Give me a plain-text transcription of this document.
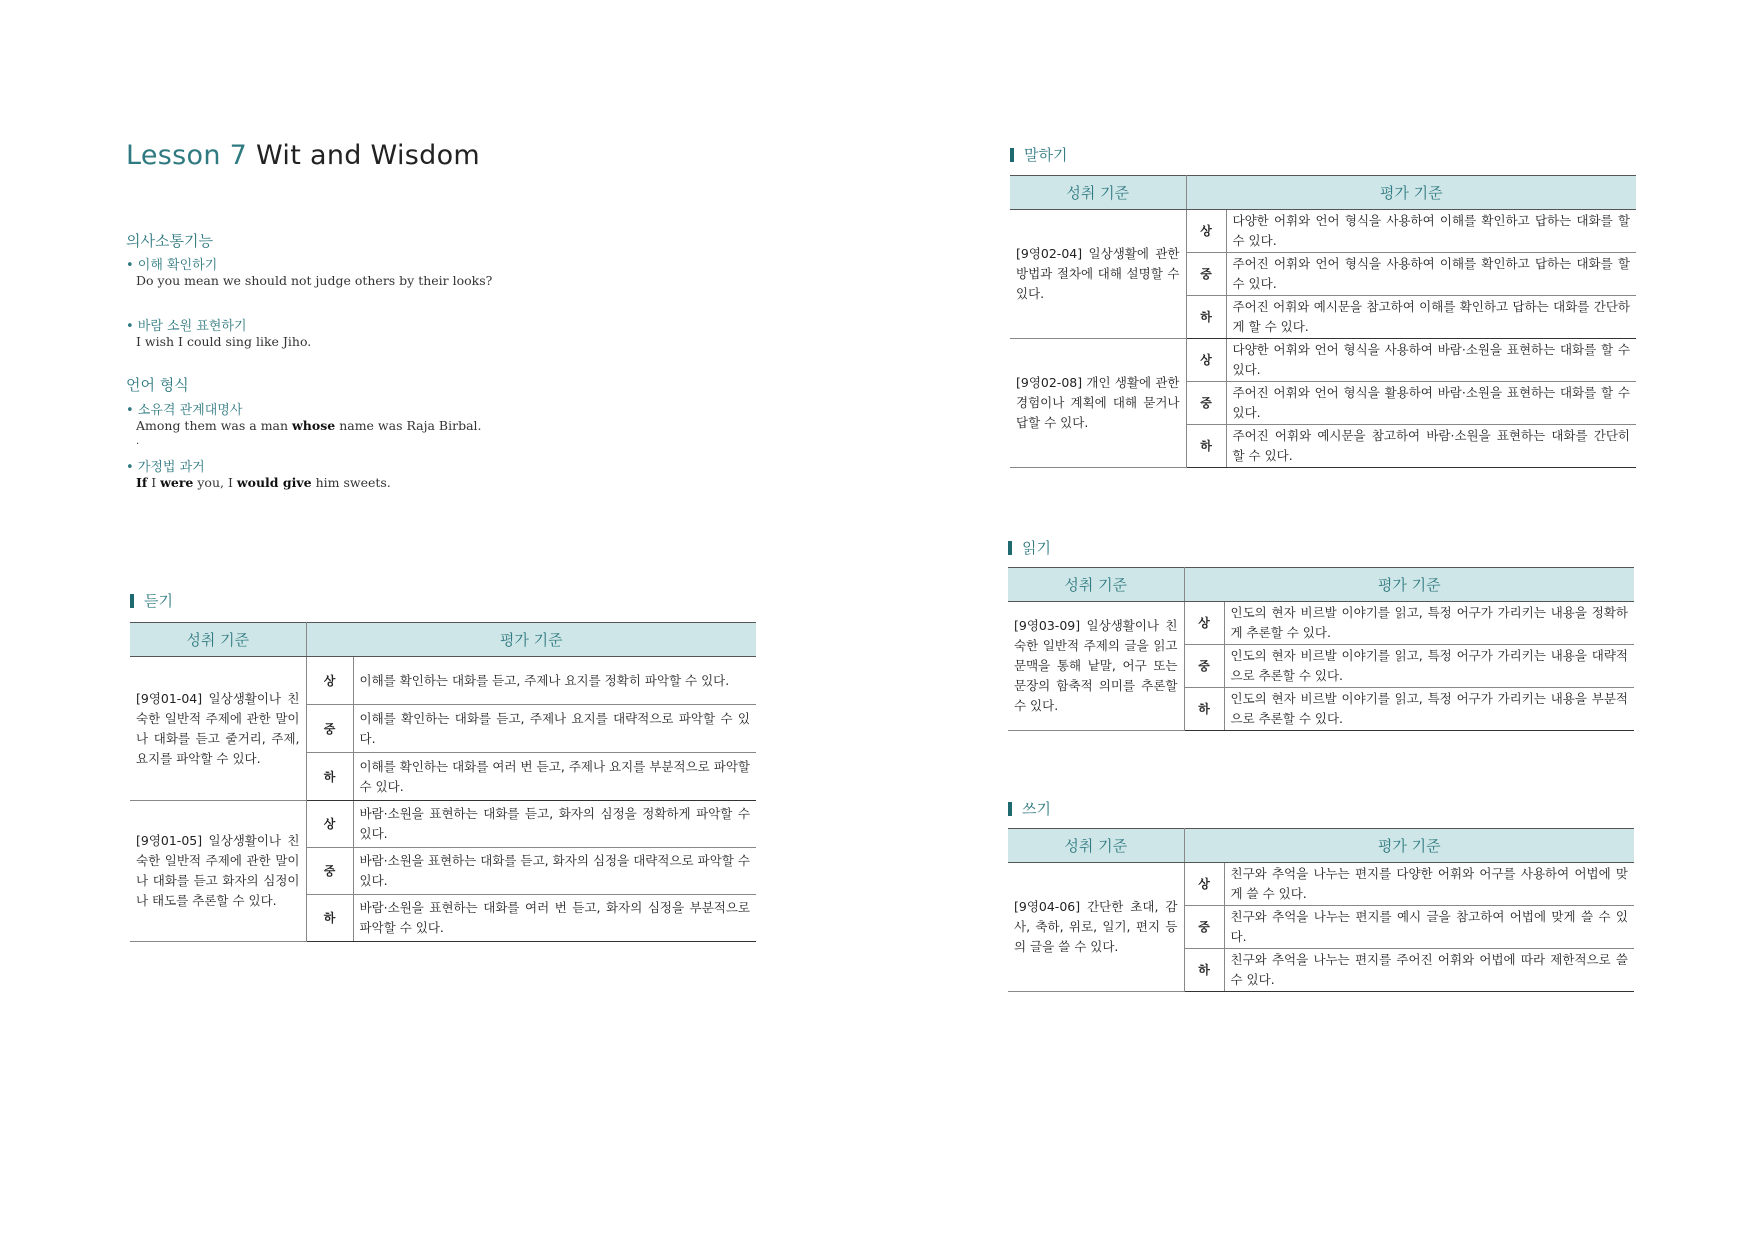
Lesson 7 Wit and Wisdom
의사소통기능
• 이해 확인하기
Do you mean we should not judge others by their looks?
• 바람 소원 표현하기
I wish I could sing like Jiho.
언어 형식
• 소유격 관계대명사
Among them was a man whose name was Raja Birbal.
.
• 가정법 과거
If I were you, I would give him sweets.
듣기
성취 기준	평가 기준	
[9영01-04] 일상생활이나 친숙한 일반적 주제에 관한 말이나 대화를 듣고 줄거리, 주제, 요지를 파악할 수 있다.	상	이해를 확인하는 대화를 듣고, 주제나 요지를 정확히 파악할 수 있다.
	중	이해를 확인하는 대화를 듣고, 주제나 요지를 대략적으로 파악할 수 있다.
	하	이해를 확인하는 대화를 여러 번 듣고, 주제나 요지를 부분적으로 파악할 수 있다.
[9영01-05] 일상생활이나 친숙한 일반적 주제에 관한 말이나 대화를 듣고 화자의 심정이나 태도를 추론할 수 있다.	상	바람·소원을 표현하는 대화를 듣고, 화자의 심정을 정확하게 파악할 수 있다.
	중	바람·소원을 표현하는 대화를 듣고, 화자의 심정을 대략적으로 파악할 수 있다.
	하	바람·소원을 표현하는 대화를 여러 번 듣고, 화자의 심정을 부분적으로 파악할 수 있다.
말하기
성취 기준	평가 기준	
[9영02-04] 일상생활에 관한 방법과 절차에 대해 설명할 수 있다.	상	다양한 어휘와 언어 형식을 사용하여 이해를 확인하고 답하는 대화를 할 수 있다.
	중	주어진 어휘와 언어 형식을 사용하여 이해를 확인하고 답하는 대화를 할 수 있다.
	하	주어진 어휘와 예시문을 참고하여 이해를 확인하고 답하는 대화를 간단하게 할 수 있다.
[9영02-08] 개인 생활에 관한 경험이나 계획에 대해 묻거나 답할 수 있다.	상	다양한 어휘와 언어 형식을 사용하여 바람·소원을 표현하는 대화를 할 수 있다.
	중	주어진 어휘와 언어 형식을 활용하여 바람·소원을 표현하는 대화를 할 수 있다.
	하	주어진 어휘와 예시문을 참고하여 바람·소원을 표현하는 대화를 간단히 할 수 있다.
읽기
성취 기준	평가 기준	
[9영03-09] 일상생활이나 친숙한 일반적 주제의 글을 읽고 문맥을 통해 낱말, 어구 또는 문장의 함축적 의미를 추론할 수 있다.	상	인도의 현자 비르발 이야기를 읽고, 특정 어구가 가리키는 내용을 정확하게 추론할 수 있다.
	중	인도의 현자 비르발 이야기를 읽고, 특정 어구가 가리키는 내용을 대략적으로 추론할 수 있다.
	하	인도의 현자 비르발 이야기를 읽고, 특정 어구가 가리키는 내용을 부분적으로 추론할 수 있다.
쓰기
성취 기준	평가 기준	
[9영04-06] 간단한 초대, 감사, 축하, 위로, 일기, 편지 등의 글을 쓸 수 있다.	상	친구와 추억을 나누는 편지를 다양한 어휘와 어구를 사용하여 어법에 맞게 쓸 수 있다.
	중	친구와 추억을 나누는 편지를 예시 글을 참고하여 어법에 맞게 쓸 수 있다.
	하	친구와 추억을 나누는 편지를 주어진 어휘와 어법에 따라 제한적으로 쓸 수 있다.
